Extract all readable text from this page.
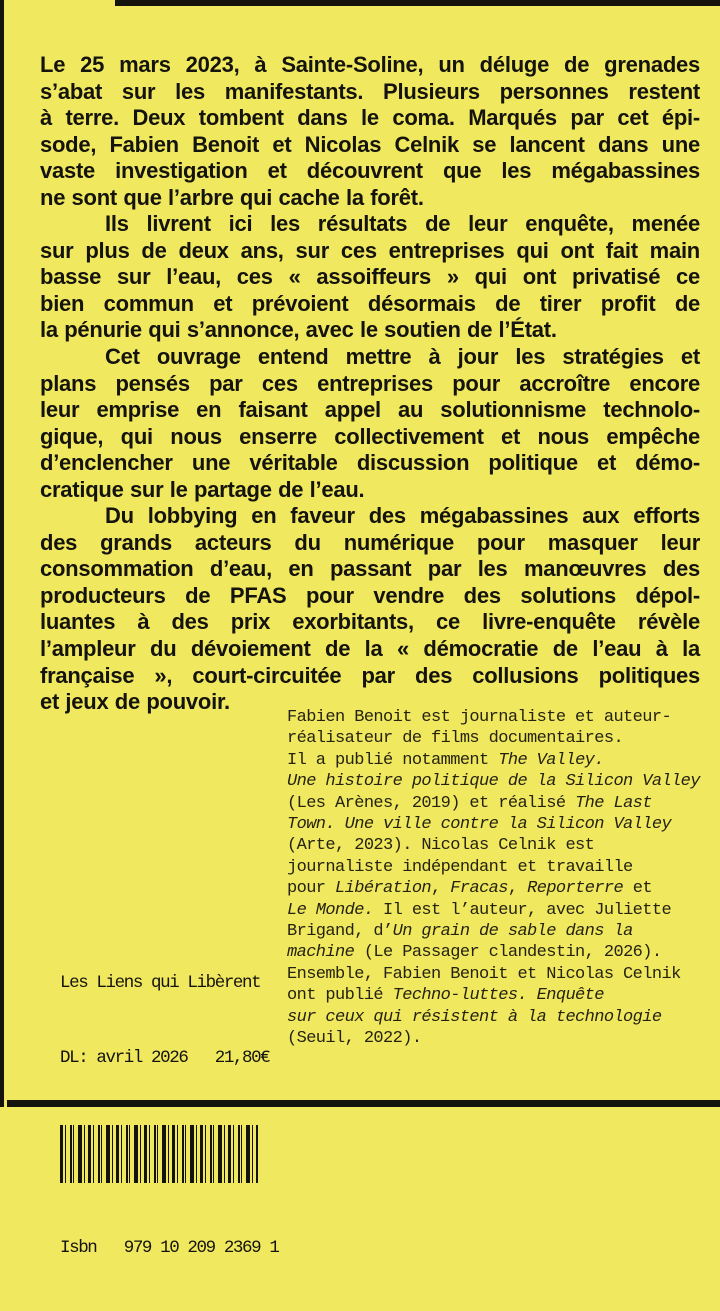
Le 25 mars 2023, à Sainte-Soline, un déluge de grenades
s’abat sur les manifestants. Plusieurs personnes restent
à terre. Deux tombent dans le coma. Marqués par cet épi-
sode, Fabien Benoit et Nicolas Celnik se lancent dans une
vaste investigation et découvrent que les mégabassines
ne sont que l’arbre qui cache la forêt.
Ils livrent ici les résultats de leur enquête, menée
sur plus de deux ans, sur ces entreprises qui ont fait main
basse sur l’eau, ces « assoiffeurs » qui ont privatisé ce
bien commun et prévoient désormais de tirer profit de
la pénurie qui s’annonce, avec le soutien de l’État.
Cet ouvrage entend mettre à jour les stratégies et
plans pensés par ces entreprises pour accroître encore
leur emprise en faisant appel au solutionnisme technolo-
gique, qui nous enserre collectivement et nous empêche
d’enclencher une véritable discussion politique et démo-
cratique sur le partage de l’eau.
Du lobbying en faveur des mégabassines aux efforts
des grands acteurs du numérique pour masquer leur
consommation d’eau, en passant par les manœuvres des
producteurs de PFAS pour vendre des solutions dépol-
luantes à des prix exorbitants, ce livre-enquête révèle
l’ampleur du dévoiement de la « démocratie de l’eau à la
française », court-circuitée par des collusions politiques
et jeux de pouvoir.
Fabien Benoit est journaliste et auteur-
réalisateur de films documentaires.
Il a publié notamment The Valley.
Une histoire politique de la Silicon Valley
(Les Arènes, 2019) et réalisé The Last
Town. Une ville contre la Silicon Valley
(Arte, 2023). Nicolas Celnik est
journaliste indépendant et travaille
pour Libération, Fracas, Reporterre et
Le Monde. Il est l’auteur, avec Juliette
Brigand, d’Un grain de sable dans la
machine (Le Passager clandestin, 2026).
Ensemble, Fabien Benoit et Nicolas Celnik
ont publié Techno-luttes. Enquête
sur ceux qui résistent à la technologie
(Seuil, 2022).

Les Liens qui Libèrent

DL: avril 2026   21,80€

Isbn   979 10 209 2369 1
